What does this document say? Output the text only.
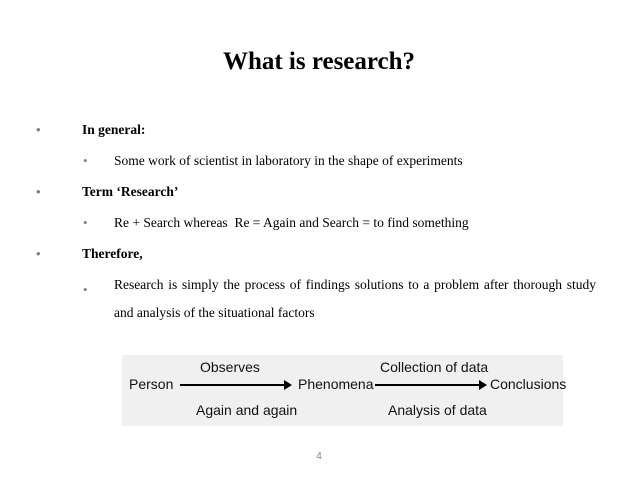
What is research?
•	In general:
• Some work of scientist in laboratory in the shape of experiments
•	Term ‘Research’
• Re + Search whereas  Re = Again and Search = to find something
•	Therefore,
• Research is simply the process of findings solutions to a problem after thorough study and analysis of the situational factors
Person
Observes
Again and again
Phenomena
Collection of data
Analysis of data
Conclusions
4
